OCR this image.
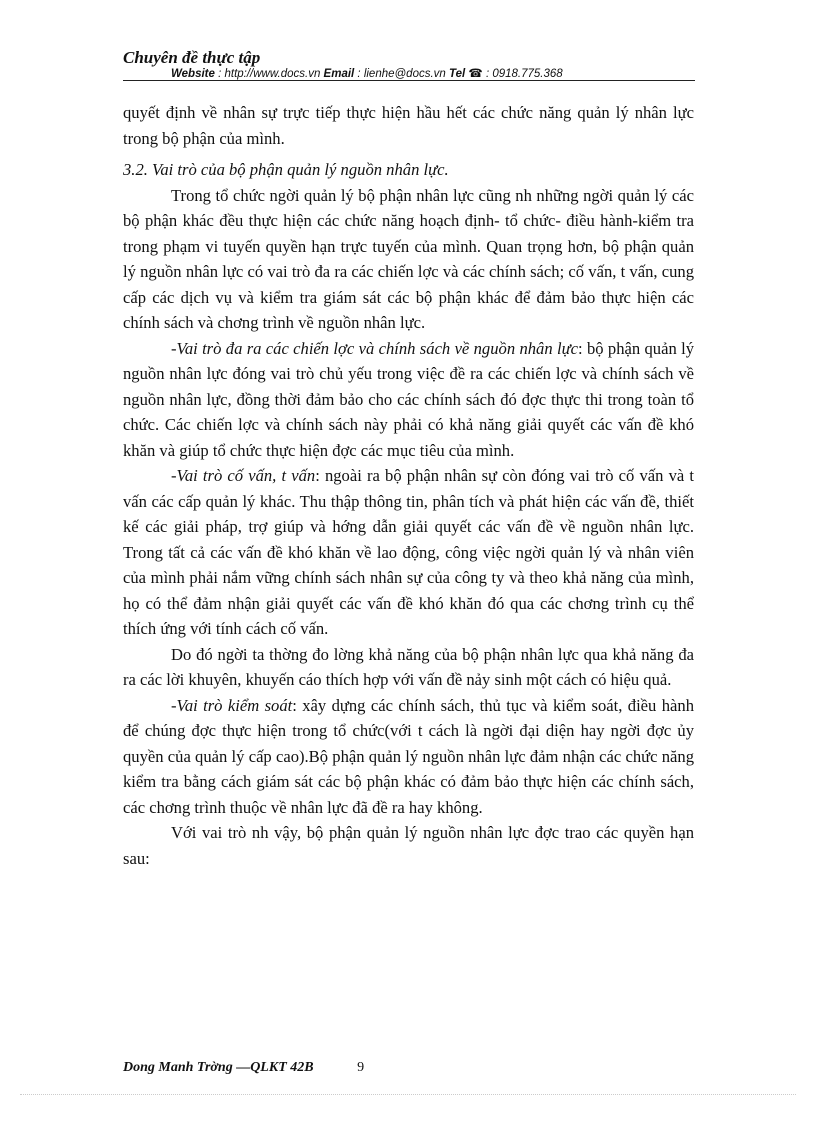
Chuyên đề thực tập
Website : http://www.docs.vn Email : lienhe@docs.vn Tel ☎ : 0918.775.368

quyết định về nhân sự trực tiếp thực hiện hầu hết các chức năng quản lý nhân lực trong bộ phận của mình.

3.2. Vai trò của bộ phận quản lý nguồn nhân lực.

Trong tổ chức ngời quản lý bộ phận nhân lực cũng nh những ngời quản lý các bộ phận khác đều thực hiện các chức năng hoạch định- tổ chức- điều hành-kiểm tra trong phạm vi tuyến quyền hạn trực tuyến của mình. Quan trọng hơn, bộ phận quản lý nguồn nhân lực có vai trò đa ra các chiến lợc và các chính sách; cố vấn, t vấn, cung cấp các dịch vụ và kiểm tra giám sát các bộ phận khác để đảm bảo thực hiện các chính sách và chơng trình về nguồn nhân lực.

-Vai trò đa ra các chiến lợc và chính sách về nguồn nhân lực: bộ phận quản lý nguồn nhân lực đóng vai trò chủ yếu trong việc đề ra các chiến lợc và chính sách về nguồn nhân lực, đồng thời đảm bảo cho các chính sách đó đợc thực thi trong toàn tổ chức. Các chiến lợc và chính sách này phải có khả năng giải quyết các vấn đề khó khăn và giúp tổ chức thực hiện đợc các mục tiêu của mình.

-Vai trò cố vấn, t vấn: ngoài ra bộ phận nhân sự còn đóng vai trò cố vấn và t vấn các cấp quản lý khác. Thu thập thông tin, phân tích và phát hiện các vấn đề, thiết kế các giải pháp, trợ giúp và hớng dẫn giải quyết các vấn đề về nguồn nhân lực. Trong tất cả các vấn đề khó khăn về lao động, công việc ngời quản lý và nhân viên của mình phải nắm vững chính sách nhân sự của công ty và theo khả năng của mình, họ có thể đảm nhận giải quyết các vấn đề khó khăn đó qua các chơng trình cụ thể thích ứng với tính cách cố vấn.

Do đó ngời ta thờng đo lờng khả năng của bộ phận nhân lực qua khả năng đa ra các lời khuyên, khuyến cáo thích hợp với vấn đề nảy sinh một cách có hiệu quả.

-Vai trò kiểm soát: xây dựng các chính sách, thủ tục và kiểm soát, điều hành để chúng đợc thực hiện trong tổ chức(với t cách là ngời đại diện hay ngời đợc ủy quyền của quản lý cấp cao).Bộ phận quản lý nguồn nhân lực đảm nhận các chức năng kiểm tra bằng cách giám sát các bộ phận khác có đảm bảo thực hiện các chính sách, các chơng trình thuộc về nhân lực đã đề ra hay không.

Với vai trò nh vậy, bộ phận quản lý nguồn nhân lực đợc trao các quyền hạn sau:

Dong Manh Trờng —QLKT 42B	9
